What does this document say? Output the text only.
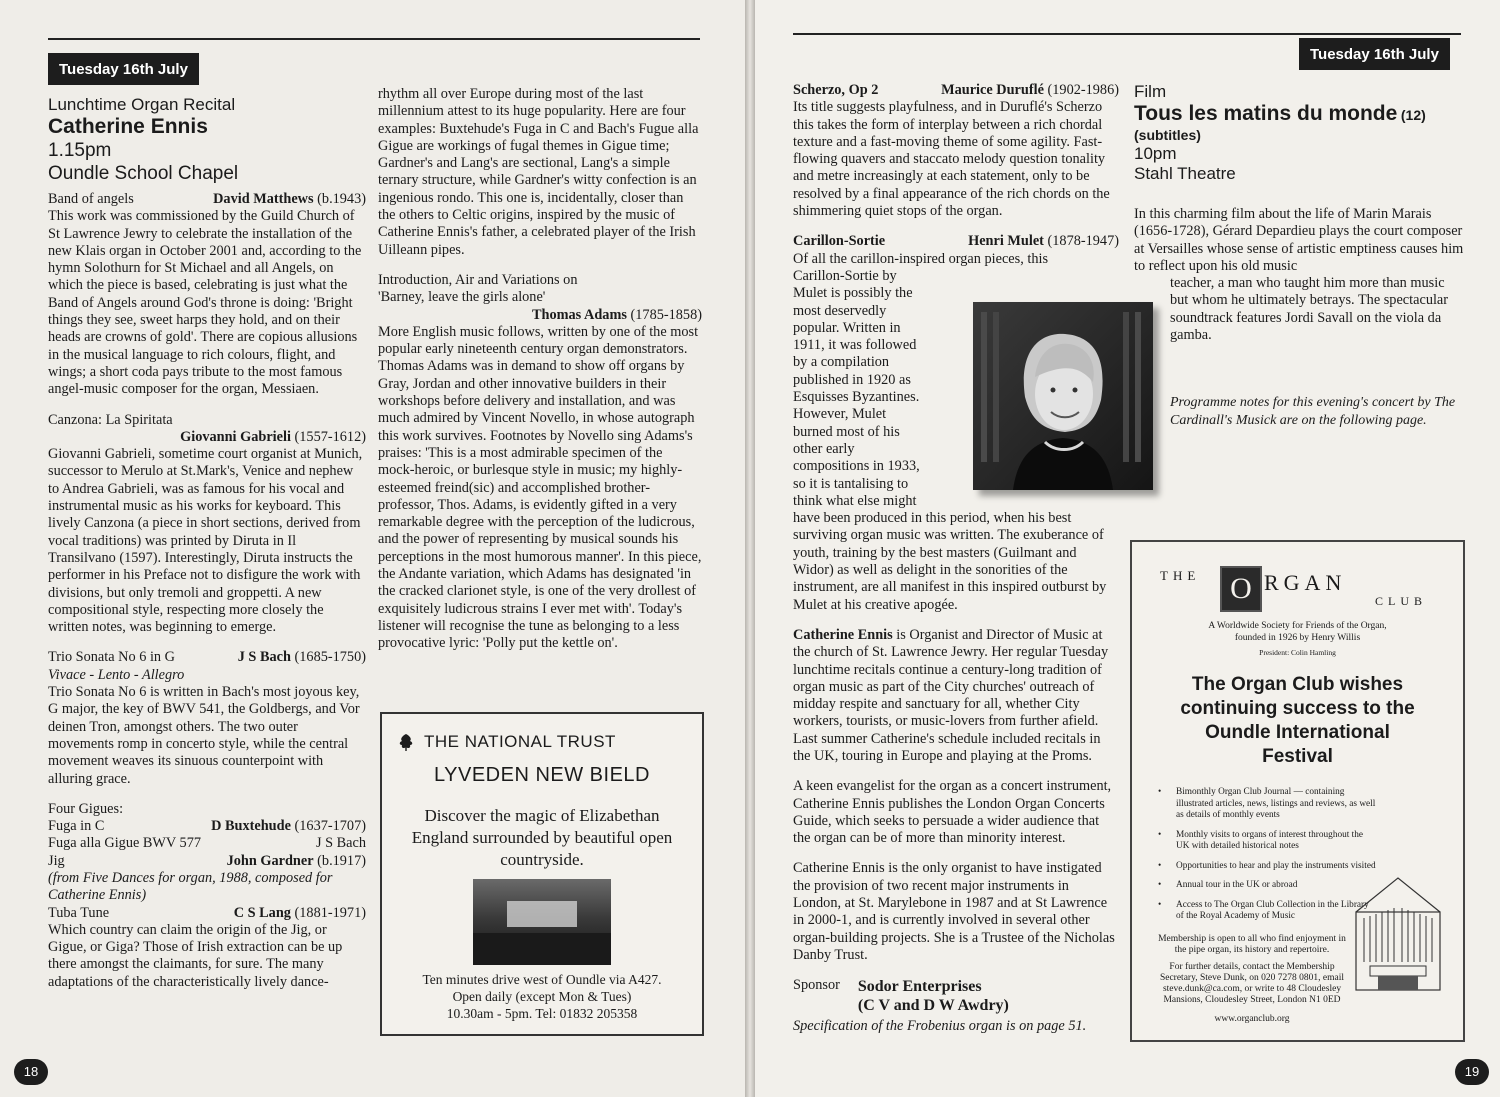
Tuesday 16th July
Lunchtime Organ Recital
Catherine Ennis
1.15pm
Oundle School Chapel
Band of angels	David Matthews (b.1943)

This work was commissioned by the Guild Church of St Lawrence Jewry to celebrate the installation of the new Klais organ in October 2001 and, according to the hymn Solothurn for St Michael and all Angels, on which the piece is based, celebrating is just what the Band of Angels around God's throne is doing: 'Bright things they see, sweet harps they hold, and on their heads are crowns of gold'. There are copious allusions in the musical language to rich colours, flight, and wings; a short coda pays tribute to the most famous angel-music composer for the organ, Messiaen.

Canzona: La Spiritata
Giovanni Gabrieli (1557-1612)

Giovanni Gabrieli, sometime court organist at Munich, successor to Merulo at St.Mark's, Venice and nephew to Andrea Gabrieli, was as famous for his vocal and instrumental music as his works for keyboard. This lively Canzona (a piece in short sections, derived from vocal traditions) was printed by Diruta in Il Transilvano (1597). Interestingly, Diruta instructs the performer in his Preface not to disfigure the work with divisions, but only tremoli and groppetti. A new compositional style, respecting more closely the written notes, was beginning to emerge.

Trio Sonata No 6 in G	J S Bach (1685-1750)
Vivace - Lento - Allegro

Trio Sonata No 6 is written in Bach's most joyous key, G major, the key of BWV 541, the Goldbergs, and Vor deinen Tron, amongst others. The two outer movements romp in concerto style, while the central movement weaves its sinuous counterpoint with alluring grace.

Four Gigues:
Fuga in C	D Buxtehude (1637-1707)
Fuga alla Gigue BWV 577	J S Bach
Jig	John Gardner (b.1917)
(from Five Dances for organ, 1988, composed for Catherine Ennis)
Tuba Tune	C S Lang (1881-1971)

Which country can claim the origin of the Jig, or Gigue, or Giga? Those of Irish extraction can be up there amongst the claimants, for sure. The many adaptations of the characteristically lively dance-

rhythm all over Europe during most of the last millennium attest to its huge popularity. Here are four examples: Buxtehude's Fuga in C and Bach's Fugue alla Gigue are workings of fugal themes in Gigue time; Gardner's and Lang's are sectional, Lang's a simple ternary structure, while Gardner's witty confection is an ingenious rondo. This one is, incidentally, closer than the others to Celtic origins, inspired by the music of Catherine Ennis's father, a celebrated player of the Irish Uilleann pipes.

Introduction, Air and Variations on
'Barney, leave the girls alone'
Thomas Adams (1785-1858)

More English music follows, written by one of the most popular early nineteenth century organ demonstrators. Thomas Adams was in demand to show off organs by Gray, Jordan and other innovative builders in their workshops before delivery and installation, and was much admired by Vincent Novello, in whose autograph this work survives. Footnotes by Novello sing Adams's praises: 'This is a most admirable specimen of the mock-heroic, or burlesque style in music; my highly-esteemed freind(sic) and accomplished brother-professor, Thos. Adams, is evidently gifted in a very remarkable degree with the perception of the ludicrous, and the power of representing by musical sounds his perceptions in the most humorous manner'. In this piece, the Andante variation, which Adams has designated 'in the cracked clarionet style, is one of the very drollest of exquisitely ludicrous strains I ever met with'. Today's listener will recognise the tune as belonging to a less provocative lyric: 'Polly put the kettle on'.

THE NATIONAL TRUST
LYVEDEN NEW BIELD
Discover the magic of Elizabethan England surrounded by beautiful open countryside.
Ten minutes drive west of Oundle via A427.
Open daily (except Mon & Tues)
10.30am - 5pm. Tel: 01832 205358
18
Tuesday 16th July
Scherzo, Op 2	Maurice Duruflé (1902-1986)

Its title suggests playfulness, and in Duruflé's Scherzo this takes the form of interplay between a rich chordal texture and a fast-moving theme of some agility. Fast-flowing quavers and staccato melody question tonality and metre increasingly at each statement, only to be resolved by a final appearance of the rich chords on the shimmering quiet stops of the organ.

Carillon-Sortie	Henri Mulet (1878-1947)
Of all the carillon-inspired organ pieces, this
Carillon-Sortie by
Mulet is possibly the
most deservedly
popular. Written in
1911, it was followed
by a compilation
published in 1920 as
Esquisses Byzantines.
However, Mulet
burned most of his
other early
compositions in 1933,
so it is tantalising to
think what else might

have been produced in this period, when his best surviving organ music was written. The exuberance of youth, training by the best masters (Guilmant and Widor) as well as delight in the sonorities of the instrument, are all manifest in this inspired outburst by Mulet at his creative apogée.

Catherine Ennis is Organist and Director of Music at the church of St. Lawrence Jewry. Her regular Tuesday lunchtime recitals continue a century-long tradition of organ music as part of the City churches' outreach of midday respite and sanctuary for all, whether City workers, tourists, or music-lovers from further afield. Last summer Catherine's schedule included recitals in the UK, touring in Europe and playing at the Proms.

A keen evangelist for the organ as a concert instrument, Catherine Ennis publishes the London Organ Concerts Guide, which seeks to persuade a wider audience that the organ can be of more than minority interest.

Catherine Ennis is the only organist to have instigated the provision of two recent major instruments in London, at St. Marylebone in 1987 and at St Lawrence in 2000-1, and is currently involved in several other organ-building projects. She is a Trustee of the Nicholas Danby Trust.

Sponsor Sodor Enterprises
(C V and D W Awdry)
Specification of the Frobenius organ is on page 51.
Film
Tous les matins du monde (12)
(subtitles)
10pm
Stahl Theatre
In this charming film about the life of Marin Marais (1656-1728), Gérard Depardieu plays the court composer at Versailles whose sense of artistic emptiness causes him to reflect upon his old music
teacher, a man who taught him more than music but whom he ultimately betrays. The spectacular soundtrack features Jordi Savall on the viola da gamba.
Programme notes for this evening's concert by The Cardinall's Musick are on the following page.
THE O RGAN
CLUB
A Worldwide Society for Friends of the Organ,
founded in 1926 by Henry Willis
President: Colin Hamling
The Organ Club wishes continuing success to the Oundle International Festival
• Bimonthly Organ Club Journal — containing illustrated articles, news, listings and reviews, as well as details of monthly events
• Monthly visits to organs of interest throughout the UK with detailed historical notes
• Opportunities to hear and play the instruments visited
• Annual tour in the UK or abroad
• Access to The Organ Club Collection in the Library of the Royal Academy of Music
Membership is open to all who find enjoyment in the pipe organ, its history and repertoire.
For further details, contact the Membership Secretary, Steve Dunk, on 020 7278 0801, email steve.dunk@ca.com, or write to 48 Cloudesley Mansions, Cloudesley Street, London N1 0ED
www.organclub.org
19
